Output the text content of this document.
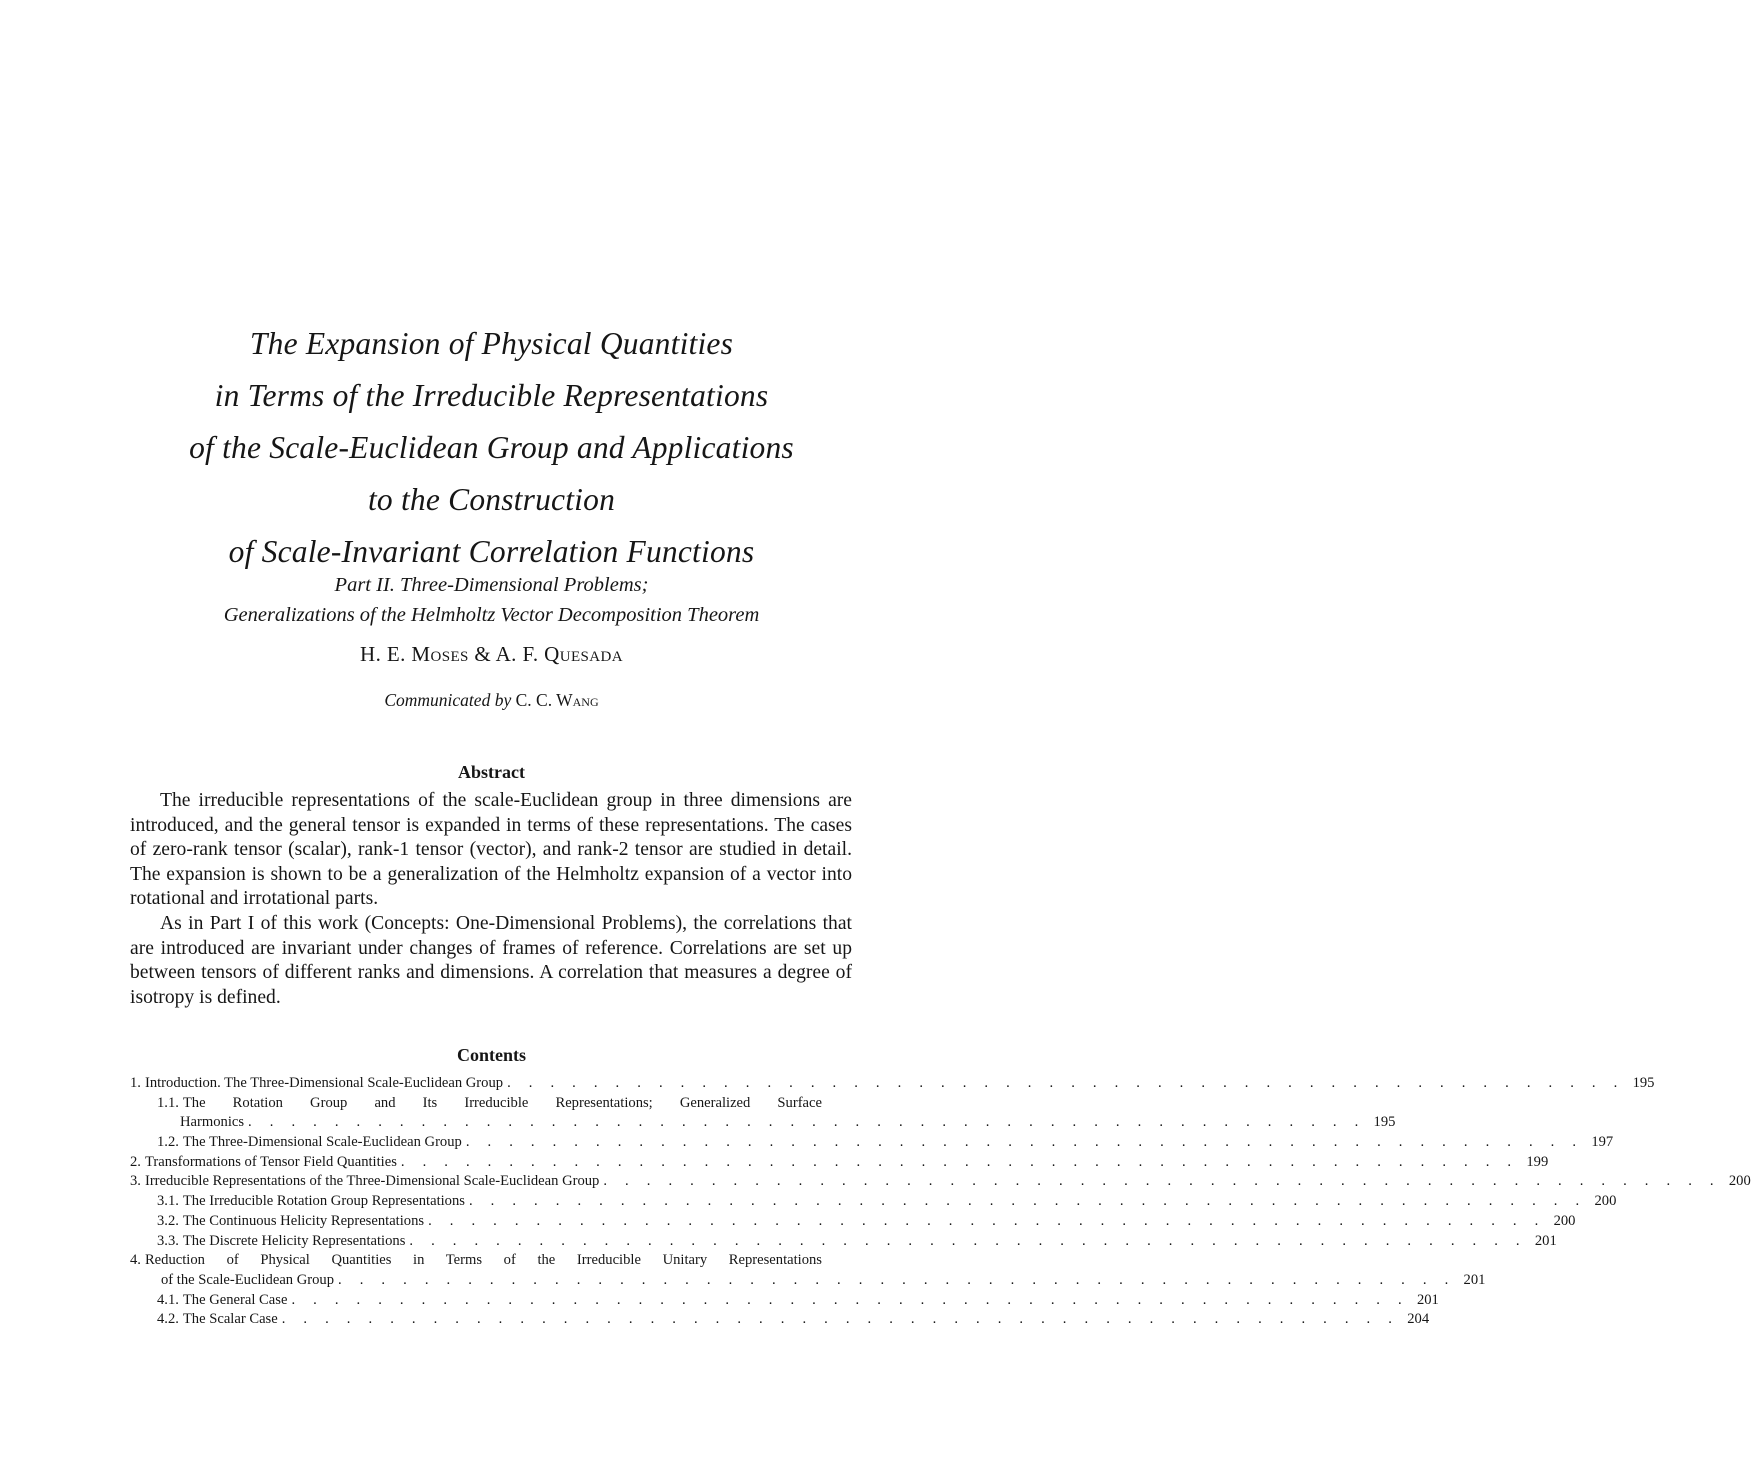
The Expansion of Physical Quantities
in Terms of the Irreducible Representations
of the Scale-Euclidean Group and Applications
to the Construction
of Scale-Invariant Correlation Functions
Part II. Three-Dimensional Problems;
Generalizations of the Helmholtz Vector Decomposition Theorem
H. E. Moses & A. F. Quesada
Communicated by C. C. Wang
Abstract

The irreducible representations of the scale-Euclidean group in three dimensions are introduced, and the general tensor is expanded in terms of these representations. The cases of zero-rank tensor (scalar), rank-1 tensor (vector), and rank-2 tensor are studied in detail. The expansion is shown to be a generalization of the Helmholtz expansion of a vector into rotational and irrotational parts.

As in Part I of this work (Concepts: One-Dimensional Problems), the correlations that are introduced are invariant under changes of frames of reference. Correlations are set up between tensors of different ranks and dimensions. A correlation that measures a degree of isotropy is defined.

Contents
1. Introduction. The Three-Dimensional Scale-Euclidean Group . . . . . . . . . . . . . . . . . . . . . . . . . . . . . . . . . . . . . . . . . . . . . . . . . . . . 195
1.1. The Rotation Group and Its Irreducible Representations; Generalized Surface
Harmonics . . . . . . . . . . . . . . . . . . . . . . . . . . . . . . . . . . . . . . . . . . . . . . . . . . . . 195
1.2. The Three-Dimensional Scale-Euclidean Group . . . . . . . . . . . . . . . . . . . . . . . . . . . . . . . . . . . . . . . . . . . . . . . . . . . . 197
2. Transformations of Tensor Field Quantities . . . . . . . . . . . . . . . . . . . . . . . . . . . . . . . . . . . . . . . . . . . . . . . . . . . . 199
3. Irreducible Representations of the Three-Dimensional Scale-Euclidean Group . . . . . . . . . . . . . . . . . . . . . . . . . . . . . . . . . . . . . . . . . . . . . . . . . . . . 200
3.1. The Irreducible Rotation Group Representations . . . . . . . . . . . . . . . . . . . . . . . . . . . . . . . . . . . . . . . . . . . . . . . . . . . . 200
3.2. The Continuous Helicity Representations . . . . . . . . . . . . . . . . . . . . . . . . . . . . . . . . . . . . . . . . . . . . . . . . . . . . 200
3.3. The Discrete Helicity Representations . . . . . . . . . . . . . . . . . . . . . . . . . . . . . . . . . . . . . . . . . . . . . . . . . . . . 201
4. Reduction of Physical Quantities in Terms of the Irreducible Unitary Representations
of the Scale-Euclidean Group . . . . . . . . . . . . . . . . . . . . . . . . . . . . . . . . . . . . . . . . . . . . . . . . . . . . 201
4.1. The General Case . . . . . . . . . . . . . . . . . . . . . . . . . . . . . . . . . . . . . . . . . . . . . . . . . . . . 201
4.2. The Scalar Case . . . . . . . . . . . . . . . . . . . . . . . . . . . . . . . . . . . . . . . . . . . . . . . . . . . . 204
